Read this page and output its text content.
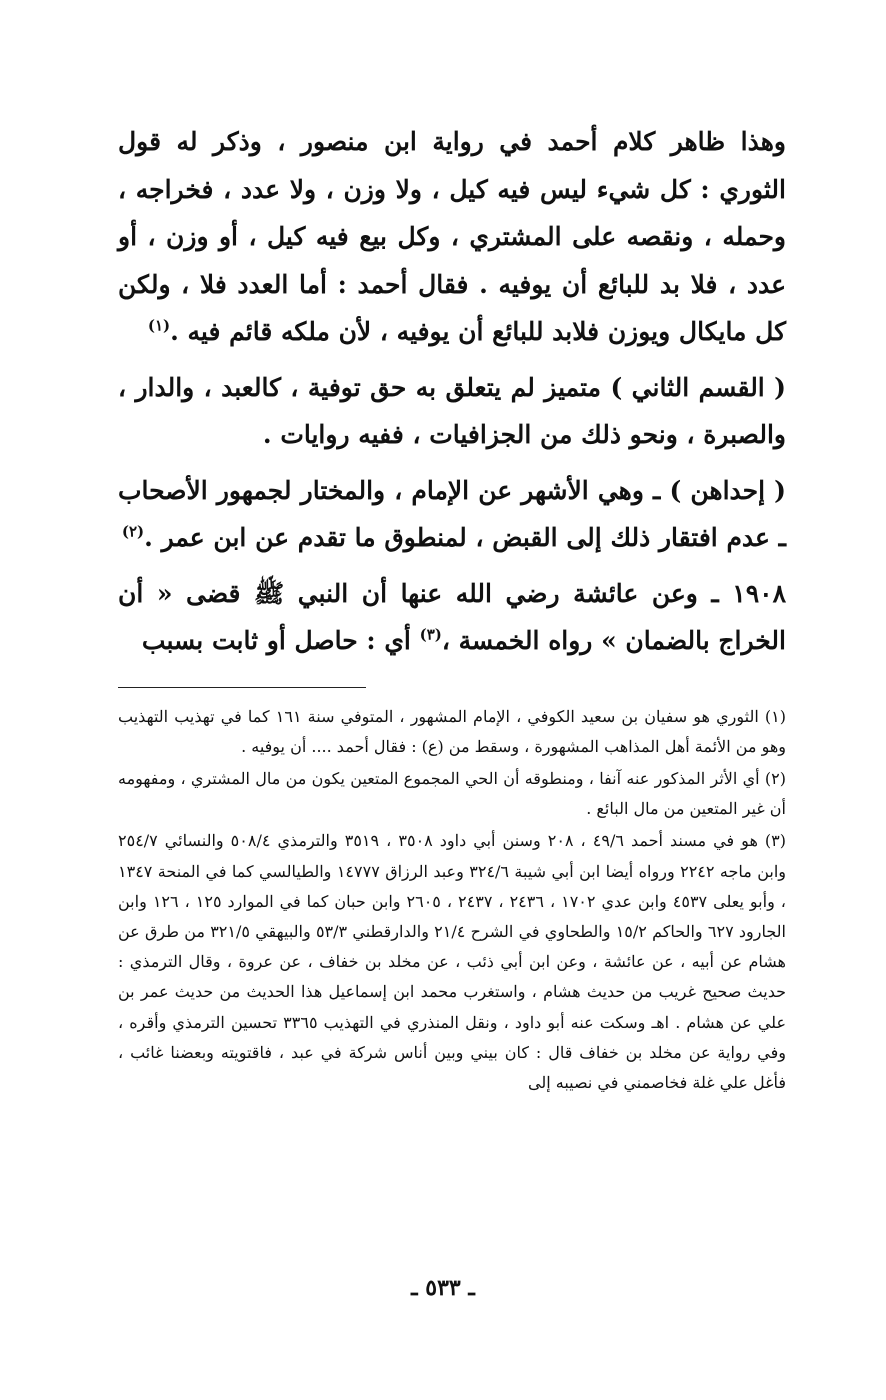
وهذا ظاهر كلام أحمد في رواية ابن منصور ، وذكر له قول الثوري : كل شيء ليس فيه كيل ، ولا وزن ، ولا عدد ، فخراجه ، وحمله ، ونقصه على المشتري ، وكل بيع فيه كيل ، أو وزن ، أو عدد ، فلا بد للبائع أن يوفيه . فقال أحمد : أما العدد فلا ، ولكن كل مايكال ويوزن فلابد للبائع أن يوفيه ، لأن ملكه قائم فيه .$^{(١)}$

( القسم الثاني ) متميز لم يتعلق به حق توفية ، كالعبد ، والدار ، والصبرة ، ونحو ذلك من الجزافيات ، ففيه روايات .

( إحداهن ) ـ وهي الأشهر عن الإمام ، والمختار لجمهور الأصحاب ـ عدم افتقار ذلك إلى القبض ، لمنطوق ما تقدم عن ابن عمر .$^{(٢)}$

١٩٠٨ ـ وعن عائشة رضي الله عنها أن النبي ﷺ قضى « أن الخراج بالضمان » رواه الخمسة ،$^{(٣)}$ أي : حاصل أو ثابت بسبب

(١) الثوري هو سفيان بن سعيد الكوفي ، الإمام المشهور ، المتوفي سنة ١٦١ كما في تهذيب التهذيب وهو من الأئمة أهل المذاهب المشهورة ، وسقط من (ع) : فقال أحمد .... أن يوفيه .

(٢) أي الأثر المذكور عنه آنفا ، ومنطوقه أن الحي المجموع المتعين يكون من مال المشتري ، ومفهومه أن غير المتعين من مال البائع .

(٣) هو في مسند أحمد ٤٩/٦ ، ٢٠٨ وسنن أبي داود ٣٥٠٨ ، ٣٥١٩ والترمذي ٥٠٨/٤ والنسائي ٢٥٤/٧ وابن ماجه ٢٢٤٢ ورواه أيضا ابن أبي شيبة ٣٢٤/٦ وعبد الرزاق ١٤٧٧٧ والطيالسي كما في المنحة ١٣٤٧ ، وأبو يعلى ٤٥٣٧ وابن عدي ١٧٠٢ ، ٢٤٣٦ ، ٢٤٣٧ ، ٢٦٠٥ وابن حبان كما في الموارد ١٢٥ ، ١٢٦ وابن الجارود ٦٢٧ والحاكم ١٥/٢ والطحاوي في الشرح ٢١/٤ والدارقطني ٥٣/٣ والبيهقي ٣٢١/٥ من طرق عن هشام عن أبيه ، عن عائشة ، وعن ابن أبي ذئب ، عن مخلد بن خفاف ، عن عروة ، وقال الترمذي : حديث صحيح غريب من حديث هشام ، واستغرب محمد ابن إسماعيل هذا الحديث من حديث عمر بن علي عن هشام . اهـ وسكت عنه أبو داود ، ونقل المنذري في التهذيب ٣٣٦٥ تحسين الترمذي وأقره ، وفي رواية عن مخلد بن خفاف قال : كان بيني وبين أناس شركة في عبد ، فاقتويته وبعضنا غائب ، فأغل علي غلة فخاصمني في نصيبه إلى

ـ ٥٣٣ ـ
